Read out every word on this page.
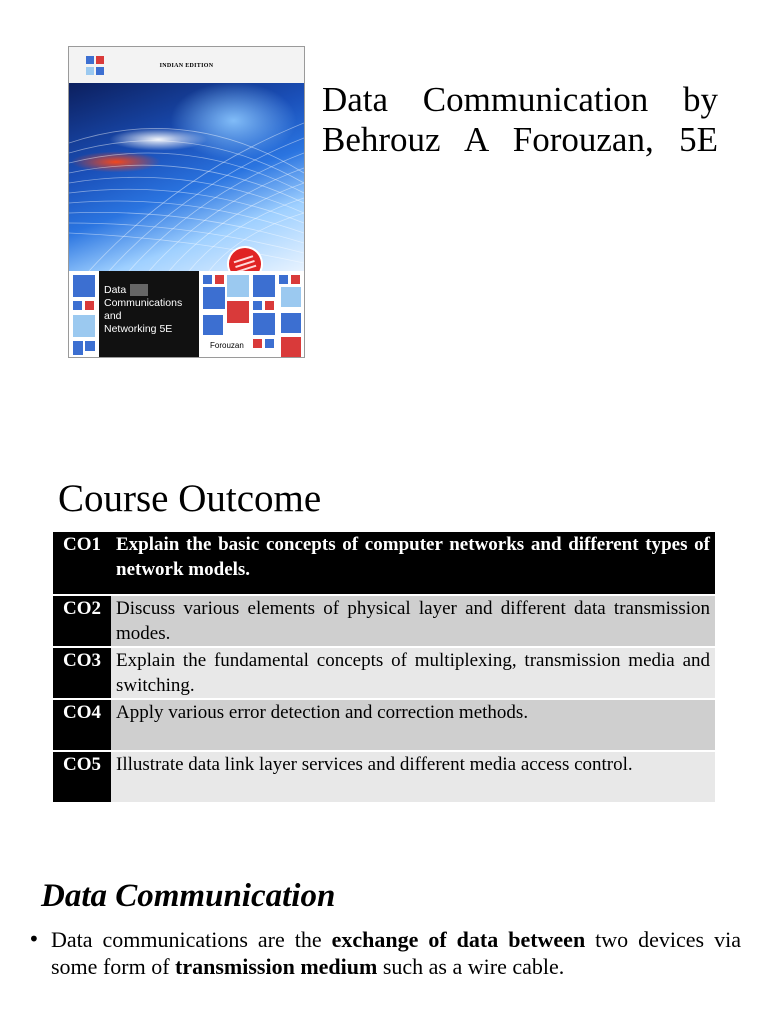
INDIAN EDITION
Data
Communications
and
Networking 5E
Forouzan
Data Communication by
Behrouz A Forouzan, 5E
Course Outcome
CO1	Explain the basic concepts of computer networks and different types of network models.
CO2	Discuss various elements of physical layer and different data transmission modes.
CO3	Explain the fundamental concepts of multiplexing, transmission media and switching.
CO4	Apply various error detection and correction methods.
CO5	Illustrate data link layer services and different media access control.
Data Communication
• Data communications are the exchange of data between two devices via some form of transmission medium such as a wire cable.
